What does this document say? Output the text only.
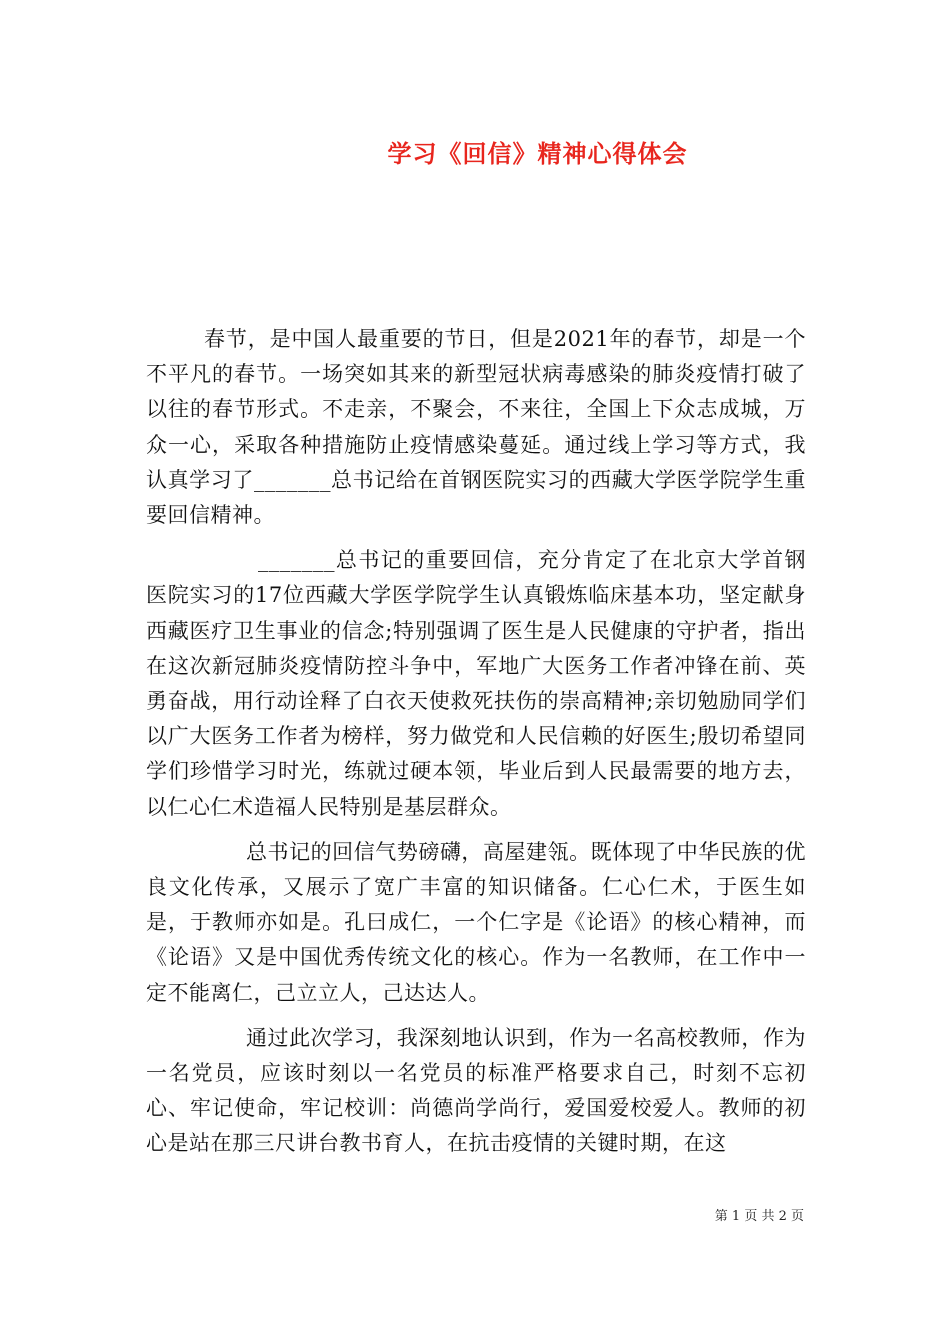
学习《回信》精神心得体会

春节，是中国人最重要的节日，但是2021年的春节，却是一个不平凡的春节。一场突如其来的新型冠状病毒感染的肺炎疫情打破了以往的春节形式。不走亲，不聚会，不来往，全国上下众志成城，万众一心，采取各种措施防止疫情感染蔓延。通过线上学习等方式，我认真学习了_______总书记给在首钢医院实习的西藏大学医学院学生重要回信精神。

_______总书记的重要回信，充分肯定了在北京大学首钢医院实习的17位西藏大学医学院学生认真锻炼临床基本功，坚定献身西藏医疗卫生事业的信念;特别强调了医生是人民健康的守护者，指出在这次新冠肺炎疫情防控斗争中，军地广大医务工作者冲锋在前、英勇奋战，用行动诠释了白衣天使救死扶伤的崇高精神;亲切勉励同学们以广大医务工作者为榜样，努力做党和人民信赖的好医生;殷切希望同学们珍惜学习时光，练就过硬本领，毕业后到人民最需要的地方去，以仁心仁术造福人民特别是基层群众。

总书记的回信气势磅礴，高屋建瓴。既体现了中华民族的优良文化传承，又展示了宽广丰富的知识储备。仁心仁术，于医生如是，于教师亦如是。孔曰成仁，一个仁字是《论语》的核心精神，而《论语》又是中国优秀传统文化的核心。作为一名教师，在工作中一定不能离仁，己立立人，己达达人。

通过此次学习，我深刻地认识到，作为一名高校教师，作为一名党员，应该时刻以一名党员的标准严格要求自己，时刻不忘初心、牢记使命，牢记校训：尚德尚学尚行，爱国爱校爱人。教师的初心是站在那三尺讲台教书育人，在抗击疫情的关键时期，在这

第 1 页 共 2 页
